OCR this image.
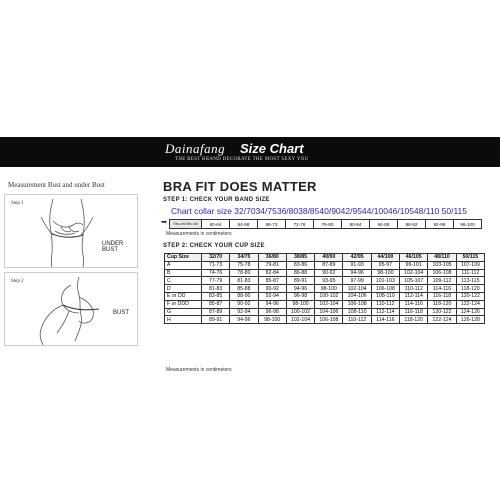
Dainafang Size Chart
THE BEST BRAND DECORATE THE MOST SEXY YOU
Measurement Bust and under Bust
Step 1
UNDER BUST
Step 2
BUST
BRA FIT DOES MATTER
STEP 1: CHECK YOUR BAND SIZE
Chart collar size 32/7034/7536/8038/8540/9042/9544/10046/10548/110 50/115
➡ Tiêu chí tiêu chí	60-64	64-68	68-72	72-76	76-80	80-84	84-88	88-92	92-96	96-100
Measurements in centimeters
STEP 2: CHECK YOUR CUP SIZE
Cup Size	32/70	34/75	36/80	38/85	40/90	42/95	44/100	46/105	48/110	50/115
A	71-73	75-78	79-81	83-86	87-89	91-93	95-97	99-101	103-105	107-109
B	74-76	78-80	82-84	86-88	90-92	94-96	98-100	102-104	106-108	111-112
C	77-79	81-83	85-87	89-91	93-95	97-99	101-103	105-107	109-112	113-115
D	81-83	85-88	90-92	94-96	98-100	102-104	106-108	110-112	114-116	118-120
E or DD	83-85	88-90	92-94	96-98	100-102	104-106	108-110	112-114	116-118	120-122
F or DDD	85-87	90-92	94-96	98-100	102-104	106-108	110-112	114-116	118-120	122-124
G	87-89	92-94	96-98	100-102	104-106	108-110	112-114	116-118	120-122	124-126
H	89-91	94-96	98-100	102-104	106-108	110-112	114-116	118-120	122-124	126-128
Measurements in centimeters
